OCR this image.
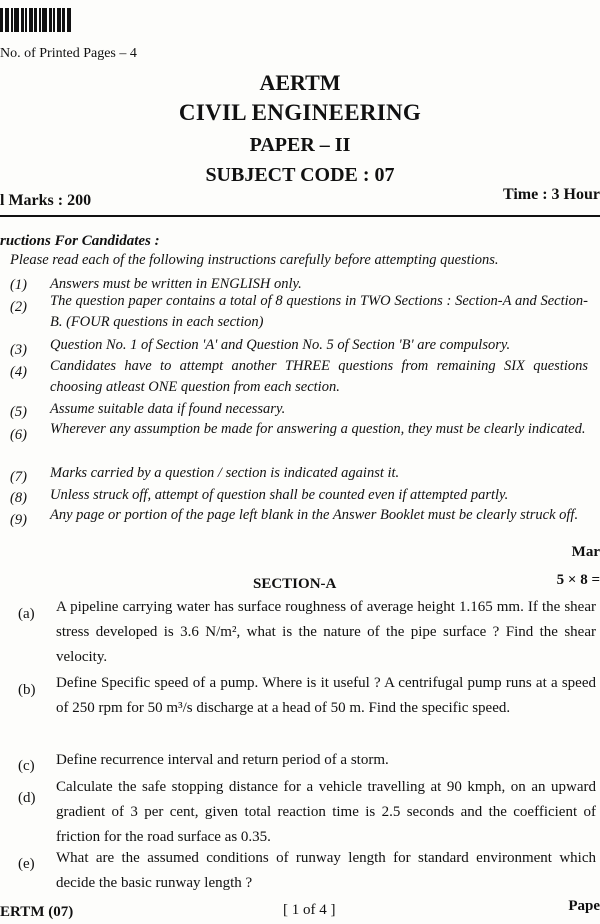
No. of Printed Pages – 4
AERTM
CIVIL ENGINEERING
PAPER – II
SUBJECT CODE : 07
l Marks : 200	Time : 3 Hour
ructions For Candidates :
Please read each of the following instructions carefully before attempting questions.
(1) Answers must be written in ENGLISH only.
(2) The question paper contains a total of 8 questions in TWO Sections : Section-A and Section-B. (FOUR questions in each section)
(3) Question No. 1 of Section 'A' and Question No. 5 of Section 'B' are compulsory.
(4) Candidates have to attempt another THREE questions from remaining SIX questions choosing atleast ONE question from each section.
(5) Assume suitable data if found necessary.
(6) Wherever any assumption be made for answering a question, they must be clearly indicated.
(7) Marks carried by a question / section is indicated against it.
(8) Unless struck off, attempt of question shall be counted even if attempted partly.
(9) Any page or portion of the page left blank in the Answer Booklet must be clearly struck off.
Mar
SECTION-A	5 × 8 =
(a) A pipeline carrying water has surface roughness of average height 1.165 mm. If the shear stress developed is 3.6 N/m², what is the nature of the pipe surface ? Find the shear velocity.
(b) Define Specific speed of a pump. Where is it useful ? A centrifugal pump runs at a speed of 250 rpm for 50 m³/s discharge at a head of 50 m. Find the specific speed.
(c) Define recurrence interval and return period of a storm.
(d)
Calculate the safe stopping distance for a vehicle travelling at 90 kmph, on an upward gradient of 3 per cent, given total reaction time is 2.5 seconds and the coefficient of friction for the road surface as 0.35.
(e) What are the assumed conditions of runway length for standard environment which decide the basic runway length ?
ERTM (07)	[ 1 of 4 ]	Pape
